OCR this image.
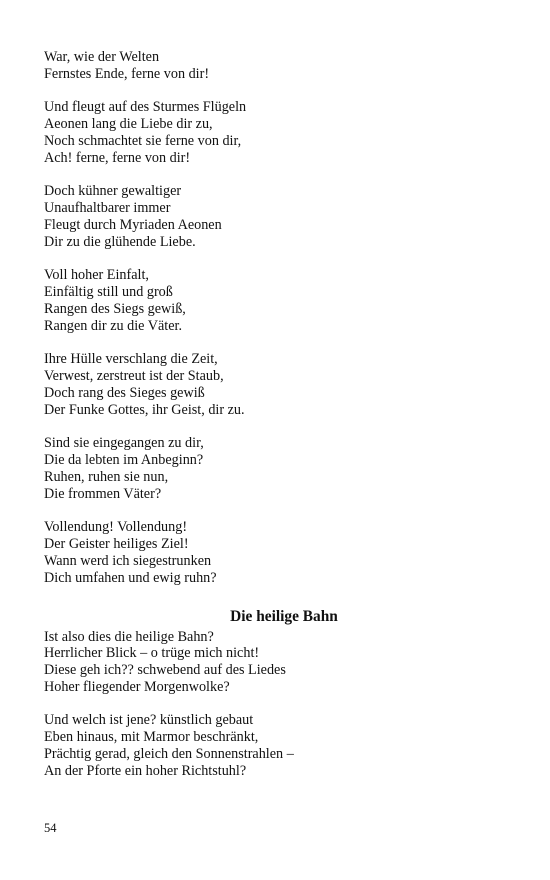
War, wie der Welten
Fernstes Ende, ferne von dir!
Und fleugt auf des Sturmes Flügeln
Aeonen lang die Liebe dir zu,
Noch schmachtet sie ferne von dir,
Ach! ferne, ferne von dir!
Doch kühner gewaltiger
Unaufhaltbarer immer
Fleugt durch Myriaden Aeonen
Dir zu die glühende Liebe.
Voll hoher Einfalt,
Einfältig still und groß
Rangen des Siegs gewiß,
Rangen dir zu die Väter.
Ihre Hülle verschlang die Zeit,
Verwest, zerstreut ist der Staub,
Doch rang des Sieges gewiß
Der Funke Gottes, ihr Geist, dir zu.
Sind sie eingegangen zu dir,
Die da lebten im Anbeginn?
Ruhen, ruhen sie nun,
Die frommen Väter?
Vollendung! Vollendung!
Der Geister heiliges Ziel!
Wann werd ich siegestrunken
Dich umfahen und ewig ruhn?
Die heilige Bahn
Ist also dies die heilige Bahn?
Herrlicher Blick – o trüge mich nicht!
Diese geh ich?? schwebend auf des Liedes
Hoher fliegender Morgenwolke?
Und welch ist jene? künstlich gebaut
Eben hinaus, mit Marmor beschränkt,
Prächtig gerad, gleich den Sonnenstrahlen –
An der Pforte ein hoher Richtstuhl?
54
